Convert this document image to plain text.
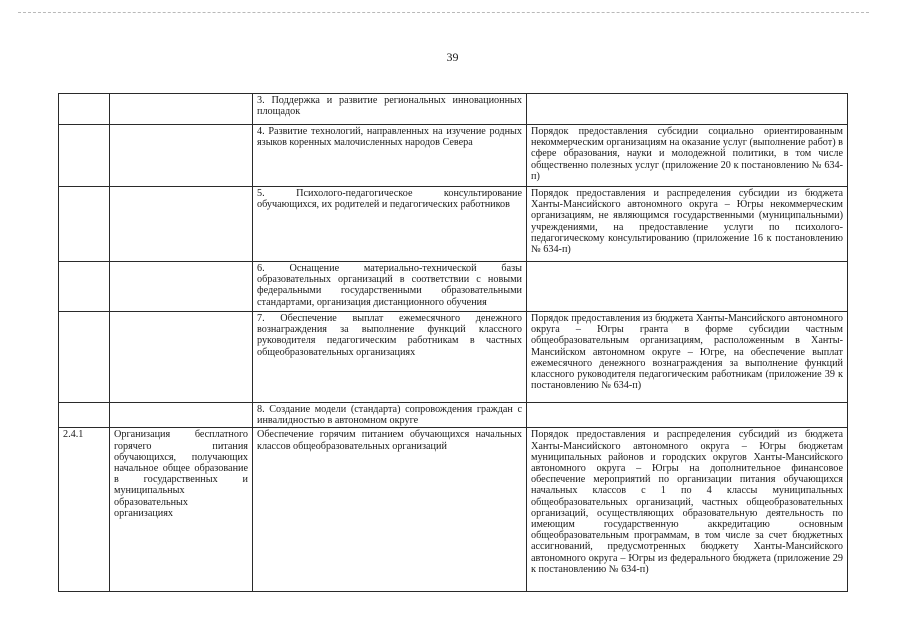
39
		3. Поддержка и развитие региональных инновационных площадок	
		4. Развитие технологий, направленных на изучение родных языков коренных малочисленных народов Севера	Порядок предоставления субсидии социально ориентированным некоммерческим организациям на оказание услуг (выполнение работ) в сфере образования, науки и молодежной политики, в том числе общественно полезных услуг (приложение 20 к постановлению № 634-п)
		5. Психолого-педагогическое консультирование обучающихся, их родителей и педагогических работников	Порядок предоставления и распределения субсидии из бюджета Ханты-Мансийского автономного округа – Югры некоммерческим организациям, не являющимся государственными (муниципальными) учреждениями, на предоставление услуги по психолого-педагогическому консультированию (приложение 16 к постановлению № 634-п)
		6. Оснащение материально-технической базы образовательных организаций в соответствии с новыми федеральными государственными образовательными стандартами, организация дистанционного обучения	
		7. Обеспечение выплат ежемесячного денежного вознаграждения за выполнение функций классного руководителя педагогическим работникам в частных общеобразовательных организациях	Порядок предоставления из бюджета Ханты-Мансийского автономного округа – Югры гранта в форме субсидии частным общеобразовательным организациям, расположенным в Ханты-Мансийском автономном округе – Югре, на обеспечение выплат ежемесячного денежного вознаграждения за выполнение функций классного руководителя педагогическим работникам (приложение 39 к постановлению № 634-п)
		8. Создание модели (стандарта) сопровождения граждан с инвалидностью в автономном округе	
2.4.1	Организация бесплатного горячего питания обучающихся, получающих начальное общее образование в государственных и муниципальных образовательных организациях	Обеспечение горячим питанием обучающихся начальных классов общеобразовательных организаций	Порядок предоставления и распределения субсидий из бюджета Ханты-Мансийского автономного округа – Югры бюджетам муниципальных районов и городских округов Ханты-Мансийского автономного округа – Югры на дополнительное финансовое обеспечение мероприятий по организации питания обучающихся начальных классов с 1 по 4 классы муниципальных общеобразовательных организаций, частных общеобразовательных организаций, осуществляющих образовательную деятельность по имеющим государственную аккредитацию основным общеобразовательным программам, в том числе за счет бюджетных ассигнований, предусмотренных бюджету Ханты-Мансийского автономного округа – Югры из федерального бюджета (приложение 29 к постановлению № 634-п)
